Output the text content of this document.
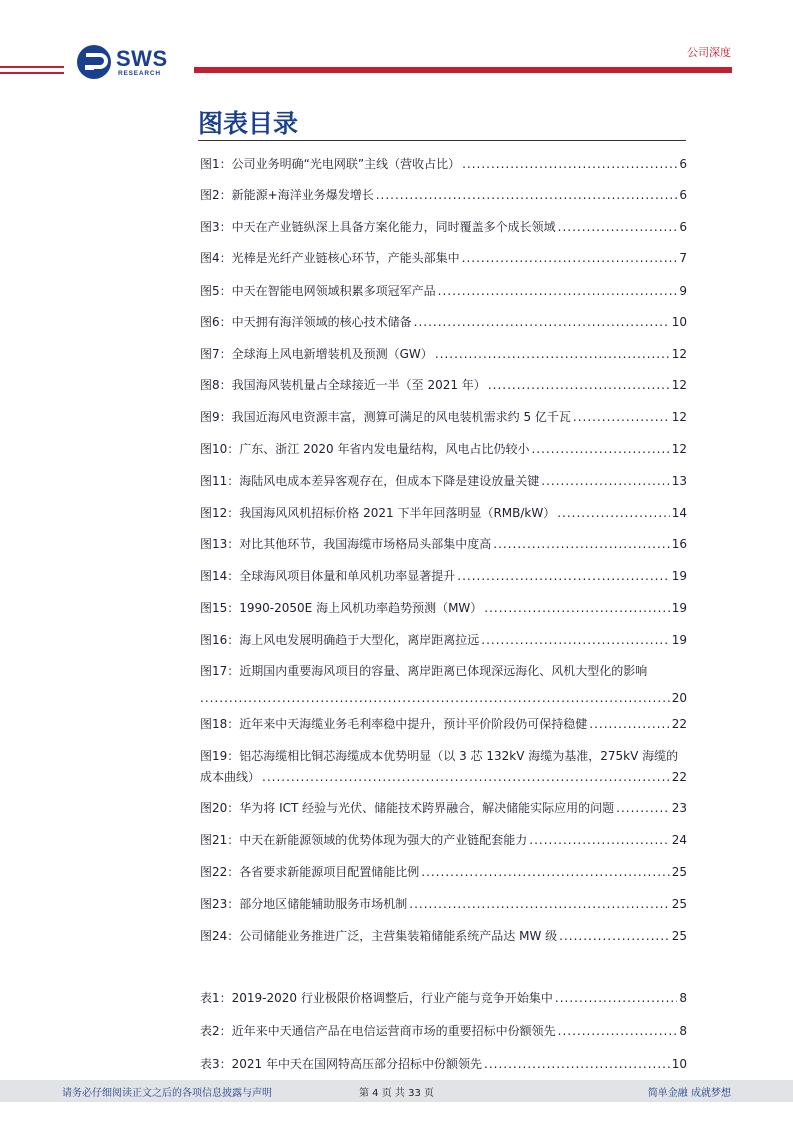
SWS
RESEARCH
公司深度
图表目录
图1：公司业务明确“光电网联”主线（营收占比） .....	6
图2：新能源+海洋业务爆发增长 .....	6
图3：中天在产业链纵深上具备方案化能力，同时覆盖多个成长领域 .....	6
图4：光棒是光纤产业链核心环节，产能头部集中 .....	7
图5：中天在智能电网领域积累多项冠军产品 .....	9
图6：中天拥有海洋领域的核心技术储备 .....	10
图7：全球海上风电新增装机及预测（GW） .....	12
图8：我国海风装机量占全球接近一半（至 2021 年） .....	12
图9：我国近海风电资源丰富，测算可满足的风电装机需求约 5 亿千瓦 .....	12
图10：广东、浙江 2020 年省内发电量结构，风电占比仍较小 .....	12
图11：海陆风电成本差异客观存在，但成本下降是建设放量关键 .....	13
图12：我国海风风机招标价格 2021 下半年回落明显（RMB/kW） .....	14
图13：对比其他环节，我国海缆市场格局头部集中度高 .....	16
图14：全球海风项目体量和单风机功率显著提升 .....	19
图15：1990-2050E 海上风机功率趋势预测（MW） .....	19
图16：海上风电发展明确趋于大型化，离岸距离拉远 .....	19
图17：近期国内重要海风项目的容量、离岸距离已体现深远海化、风机大型化的影响
.....
20
图18：近年来中天海缆业务毛利率稳中提升，预计平价阶段仍可保持稳健 .....	22
图19：铝芯海缆相比铜芯海缆成本优势明显（以 3 芯 132kV 海缆为基准，275kV 海缆的
成本曲线） .....	22
图20：华为将 ICT 经验与光伏、储能技术跨界融合，解决储能实际应用的问题 .....	23
图21：中天在新能源领域的优势体现为强大的产业链配套能力 .....	24
图22：各省要求新能源项目配置储能比例 .....	25
图23：部分地区储能辅助服务市场机制 .....	25
图24：公司储能业务推进广泛，主营集装箱储能系统产品达 MW 级 .....	25
表1：2019-2020 行业极限价格调整后，行业产能与竞争开始集中 .....	8
表2：近年来中天通信产品在电信运营商市场的重要招标中份额领先 .....	8
表3：2021 年中天在国网特高压部分招标中份额领先 .....	10
请务必仔细阅读正文之后的各项信息披露与声明	第 4 页 共 33 页	简单金融 成就梦想
